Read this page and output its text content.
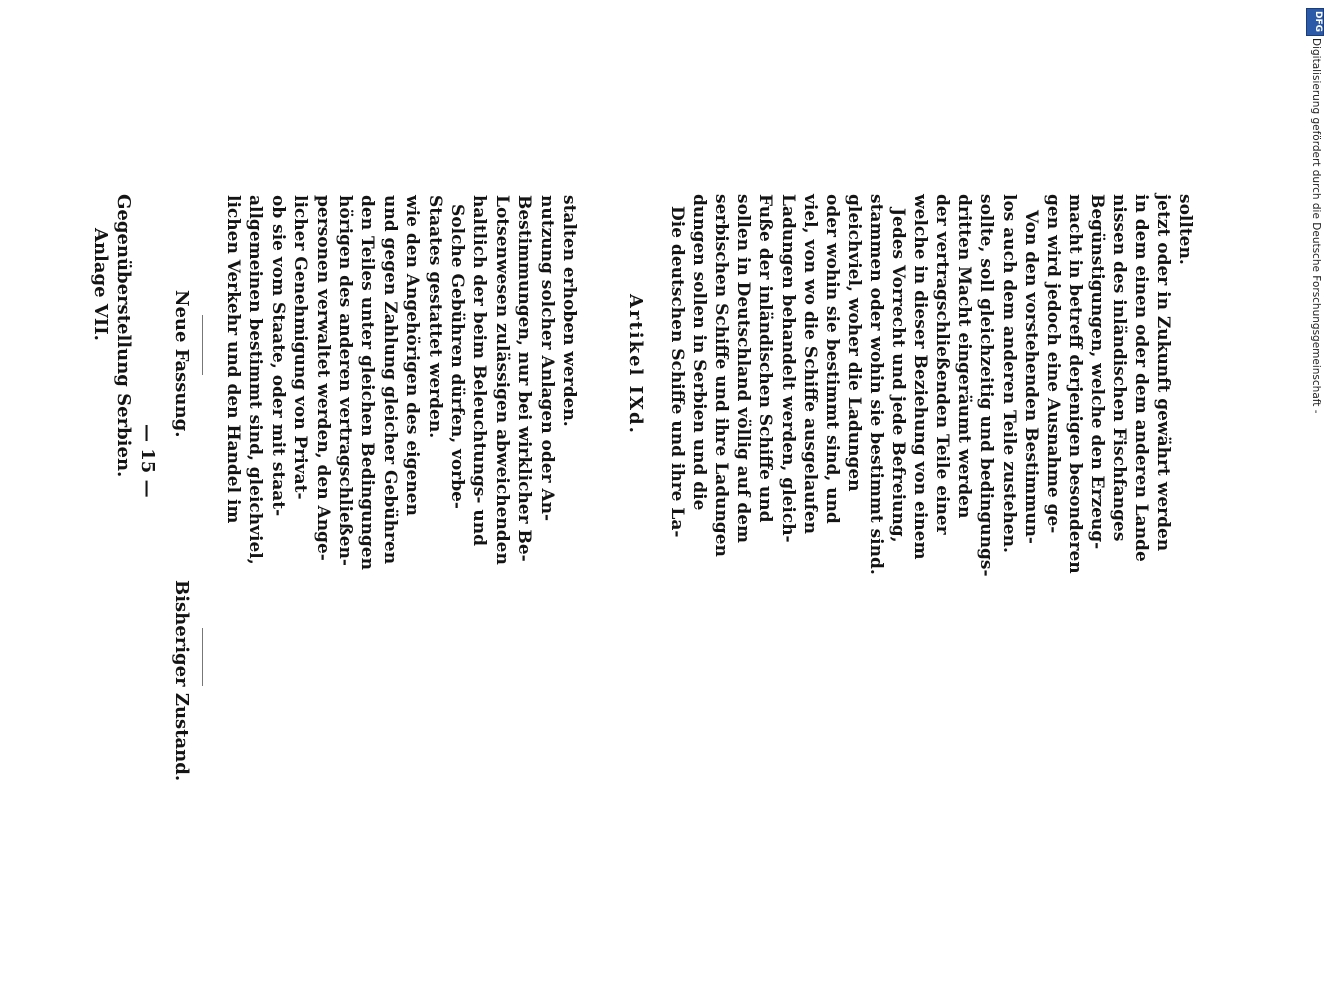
Anlage VII. Gegenüberstellung Serbien. — 15 —
Bisheriger Zustand.
Neue Fassung.	Artikel IXd.
lichen Verkehr und den Handel im allgemeinen bestimmt sind, gleichviel, ob sie vom Staate, oder mit staat- licher Genehmigung von Privat- personen verwaltet werden, den Ange- hörigen des anderen vertragschließen- den Teiles unter gleichen Bedingungen und gegen Zahlung gleicher Gebühren wie den Angehörigen des eigenen Staates gestattet werden. Solche Gebühren dürfen, vorbe- haltlich der beim Beleuchtungs- und Lotsenwesen zulässigen abweichenden Bestimmungen, nur bei wirklicher Be- nutzung solcher Anlagen oder An- stalten erhoben werden.	Die deutschen Schiffe und ihre La- dungen sollen in Serbien und die serbischen Schiffe und ihre Ladungen sollen in Deutschland völlig auf dem Fuße der inländischen Schiffe und Ladungen behandelt werden, gleich- viel, von wo die Schiffe ausgelaufen oder wohin sie bestimmt sind, und gleichviel, woher die Ladungen stammen oder wohin sie bestimmt sind. Jedes Vorrecht und jede Befreiung, welche in dieser Beziehung von einem der vertragschließenden Teile einer dritten Macht eingeräumt werden sollte, soll gleichzeitig und bedingungs- los auch dem anderen Teile zustehen. Von den vorstehenden Bestimmun- gen wird jedoch eine Ausnahme ge- macht in betreff derjenigen besonderen Begünstigungen, welche den Erzeug- nissen des inländischen Fischfanges in dem einen oder dem anderen Lande jetzt oder in Zukunft gewährt werden sollten.
DFG
Digitalisierung gefördert durch die Deutsche Forschungsgemeinschaft -
